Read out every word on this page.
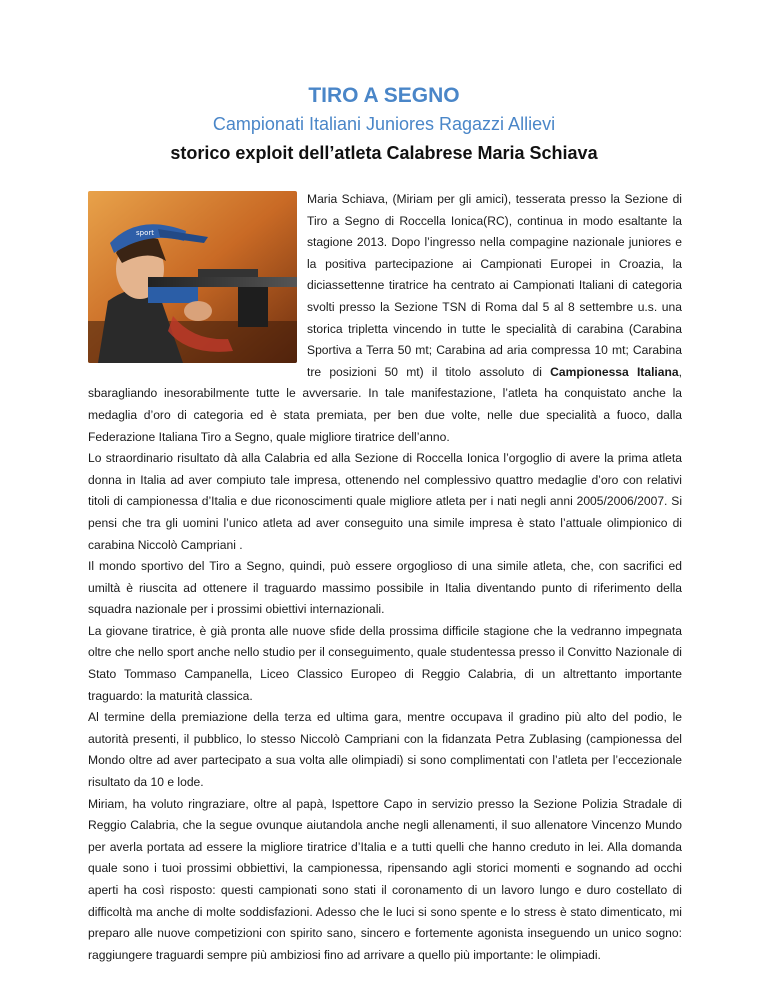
TIRO A SEGNO
Campionati Italiani Juniores Ragazzi Allievi
storico exploit dell’atleta Calabrese Maria Schiava
sport

Maria Schiava, (Miriam per gli amici), tesserata presso la Sezione di Tiro a Segno di Roccella Ionica(RC), continua in modo esaltante la stagione 2013. Dopo l’ingresso nella compagine nazionale juniores e la positiva partecipazione ai Campionati Europei in Croazia, la diciassettenne tiratrice ha centrato ai Campionati Italiani di categoria svolti presso la Sezione TSN di Roma dal 5 al 8 settembre u.s. una storica tripletta vincendo in tutte le specialità di carabina (Carabina Sportiva a Terra 50 mt; Carabina ad aria compressa 10 mt; Carabina tre posizioni 50 mt) il titolo assoluto di Campionessa Italiana, sbaragliando inesorabilmente tutte le avversarie. In tale manifestazione, l’atleta ha conquistato anche la medaglia d’oro di categoria ed è stata premiata, per ben due volte, nelle due specialità a fuoco, dalla Federazione Italiana Tiro a Segno, quale migliore tiratrice dell’anno.

Lo straordinario risultato dà alla Calabria ed alla Sezione di Roccella Ionica l’orgoglio di avere la prima atleta donna in Italia ad aver compiuto tale impresa, ottenendo nel complessivo quattro medaglie d’oro con relativi titoli di campionessa d’Italia e due riconoscimenti quale migliore atleta per i nati negli anni 2005/2006/2007. Si pensi che tra gli uomini l’unico atleta ad aver conseguito una simile impresa è stato l’attuale olimpionico di carabina Niccolò Campriani .

Il mondo sportivo del Tiro a Segno, quindi, può essere orgoglioso di una simile atleta, che, con sacrifici ed umiltà è riuscita ad ottenere il traguardo massimo possibile in Italia diventando punto di riferimento della squadra nazionale per i prossimi obiettivi internazionali.

La giovane tiratrice, è già pronta alle nuove sfide della prossima difficile stagione che la vedranno impegnata oltre che nello sport anche nello studio per il conseguimento, quale studentessa presso il Convitto Nazionale di Stato Tommaso Campanella, Liceo Classico Europeo di Reggio Calabria, di un altrettanto importante traguardo: la maturità classica.

Al termine della premiazione della terza ed ultima gara, mentre occupava il gradino più alto del podio, le autorità presenti, il pubblico, lo stesso Niccolò Campriani con la fidanzata Petra Zublasing (campionessa del Mondo oltre ad aver partecipato a sua volta alle olimpiadi) si sono complimentati con l’atleta per l’eccezionale risultato da 10 e lode.

Miriam, ha voluto ringraziare, oltre al papà, Ispettore Capo in servizio presso la Sezione Polizia Stradale di Reggio Calabria, che la segue ovunque aiutandola anche negli allenamenti, il suo allenatore Vincenzo Mundo per averla portata ad essere la migliore tiratrice d’Italia e a tutti quelli che hanno creduto in lei. Alla domanda quale sono i tuoi prossimi obbiettivi, la campionessa, ripensando agli storici momenti e sognando ad occhi aperti ha così risposto: questi campionati sono stati il coronamento di un lavoro lungo e duro costellato di difficoltà ma anche di molte soddisfazioni. Adesso che le luci si sono spente e lo stress è stato dimenticato, mi preparo alle nuove competizioni con spirito sano, sincero e fortemente agonista inseguendo un unico sogno: raggiungere traguardi sempre più ambiziosi fino ad arrivare a quello più importante: le olimpiadi.
